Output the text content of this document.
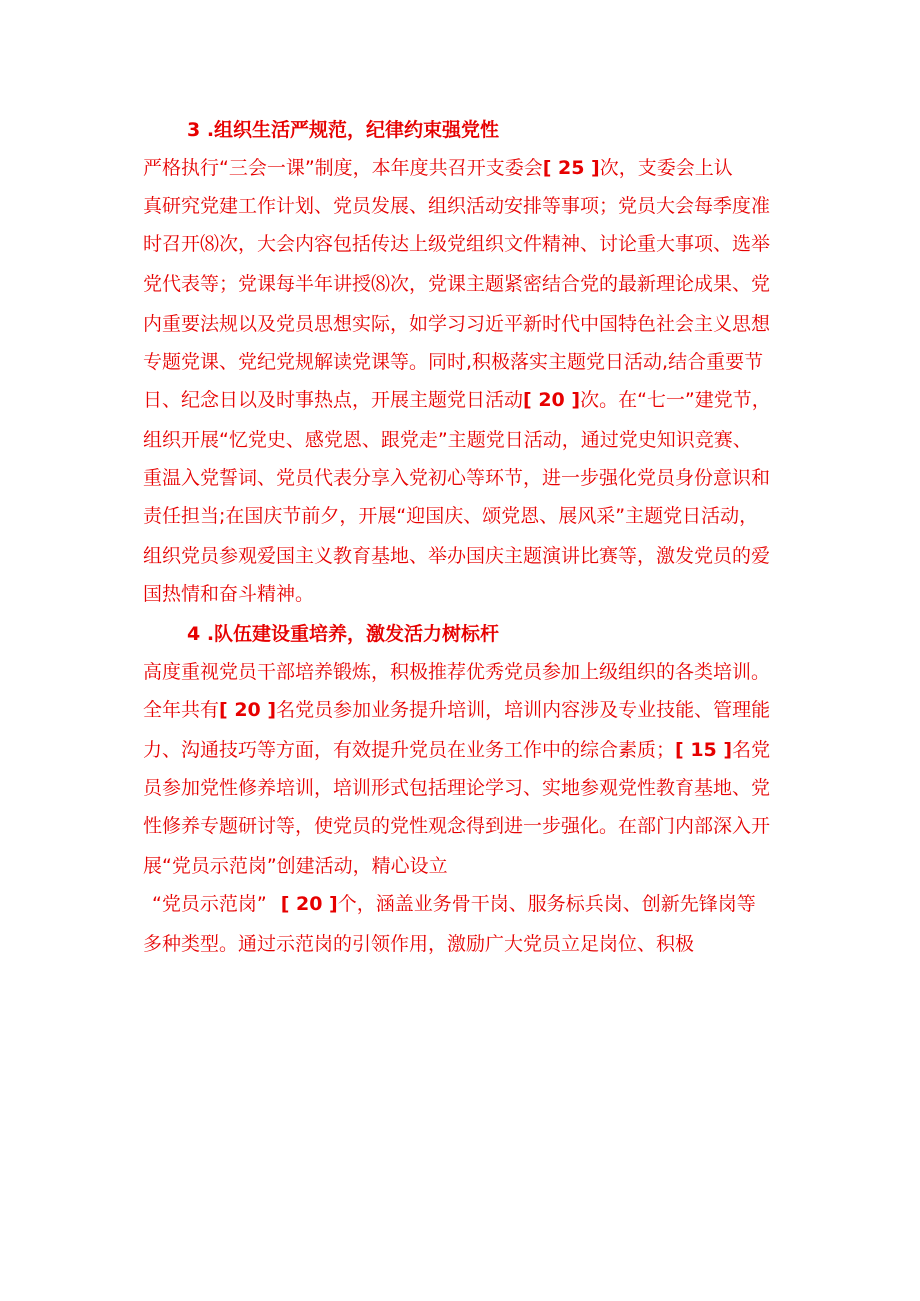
3 .组织生活严规范，纪律约束强党性
严格执行“三会一课”制度，本年度共召开支委会[ 25 ]次，支委会上认
真研究党建工作计划、党员发展、组织活动安排等事项；党员大会每季度准
时召开⑻次，大会内容包括传达上级党组织文件精神、讨论重大事项、选举
党代表等；党课每半年讲授⑻次，党课主题紧密结合党的最新理论成果、党
内重要法规以及党员思想实际，如学习习近平新时代中国特色社会主义思想
专题党课、党纪党规解读党课等。同时,积极落实主题党日活动,结合重要节
日、纪念日以及时事热点，开展主题党日活动[ 20 ]次。在“七一”建党节，
组织开展“忆党史、感党恩、跟党走”主题党日活动，通过党史知识竞赛、
重温入党誓词、党员代表分享入党初心等环节，进一步强化党员身份意识和
责任担当;在国庆节前夕，开展“迎国庆、颂党恩、展风采”主题党日活动，
组织党员参观爱国主义教育基地、举办国庆主题演讲比赛等，激发党员的爱
国热情和奋斗精神。
4 .队伍建设重培养，激发活力树标杆
高度重视党员干部培养锻炼，积极推荐优秀党员参加上级组织的各类培训。
全年共有[ 20 ]名党员参加业务提升培训，培训内容涉及专业技能、管理能
力、沟通技巧等方面，有效提升党员在业务工作中的综合素质；[ 15 ]名党
员参加党性修养培训，培训形式包括理论学习、实地参观党性教育基地、党
性修养专题研讨等，使党员的党性观念得到进一步强化。在部门内部深入开
展“党员示范岗”创建活动，精心设立
“党员示范岗” [ 20 ]个，涵盖业务骨干岗、服务标兵岗、创新先锋岗等
多种类型。通过示范岗的引领作用，激励广大党员立足岗位、积极
